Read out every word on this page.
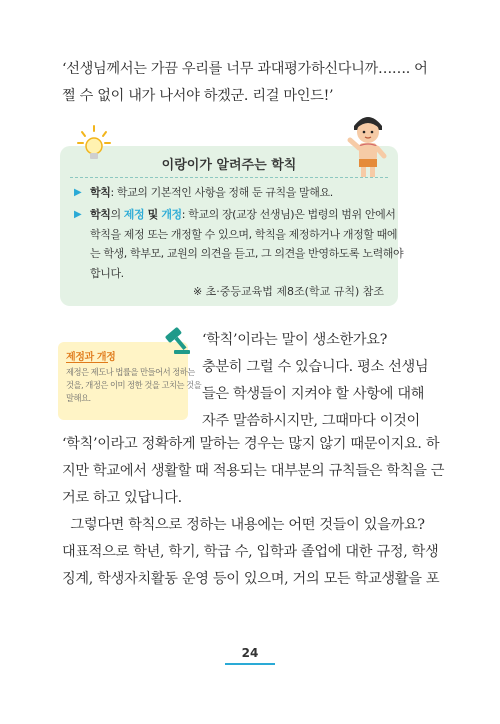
‘선생님께서는 가끔 우리를 너무 과대평가하신다니까……. 어
쩔 수 없이 내가 나서야 하겠군. 리걸 마인드!’
이랑이가 알려주는 학칙
▶ 학칙: 학교의 기본적인 사항을 정해 둔 규칙을 말해요.
▶ 학칙의 제정 및 개정: 학교의 장(교장 선생님)은 법령의 범위 안에서
학칙을 제정 또는 개정할 수 있으며, 학칙을 제정하거나 개정할 때에
는 학생, 학부모, 교원의 의견을 듣고, 그 의견을 반영하도록 노력해야
합니다.
※ 초·중등교육법 제8조(학교 규칙) 참조
제정과 개정
제정은 제도나 법률을 만들어서 정하는
것을, 개정은 이미 정한 것을 고치는 것을
말해요.
‘학칙’이라는 말이 생소한가요?
충분히 그럴 수 있습니다. 평소 선생님
들은 학생들이 지켜야 할 사항에 대해
자주 말씀하시지만, 그때마다 이것이
‘학칙’이라고 정확하게 말하는 경우는 많지 않기 때문이지요. 하
지만 학교에서 생활할 때 적용되는 대부분의 규칙들은 학칙을 근
거로 하고 있답니다.
그렇다면 학칙으로 정하는 내용에는 어떤 것들이 있을까요?
대표적으로 학년, 학기, 학급 수, 입학과 졸업에 대한 규정, 학생
징계, 학생자치활동 운영 등이 있으며, 거의 모든 학교생활을 포
24
